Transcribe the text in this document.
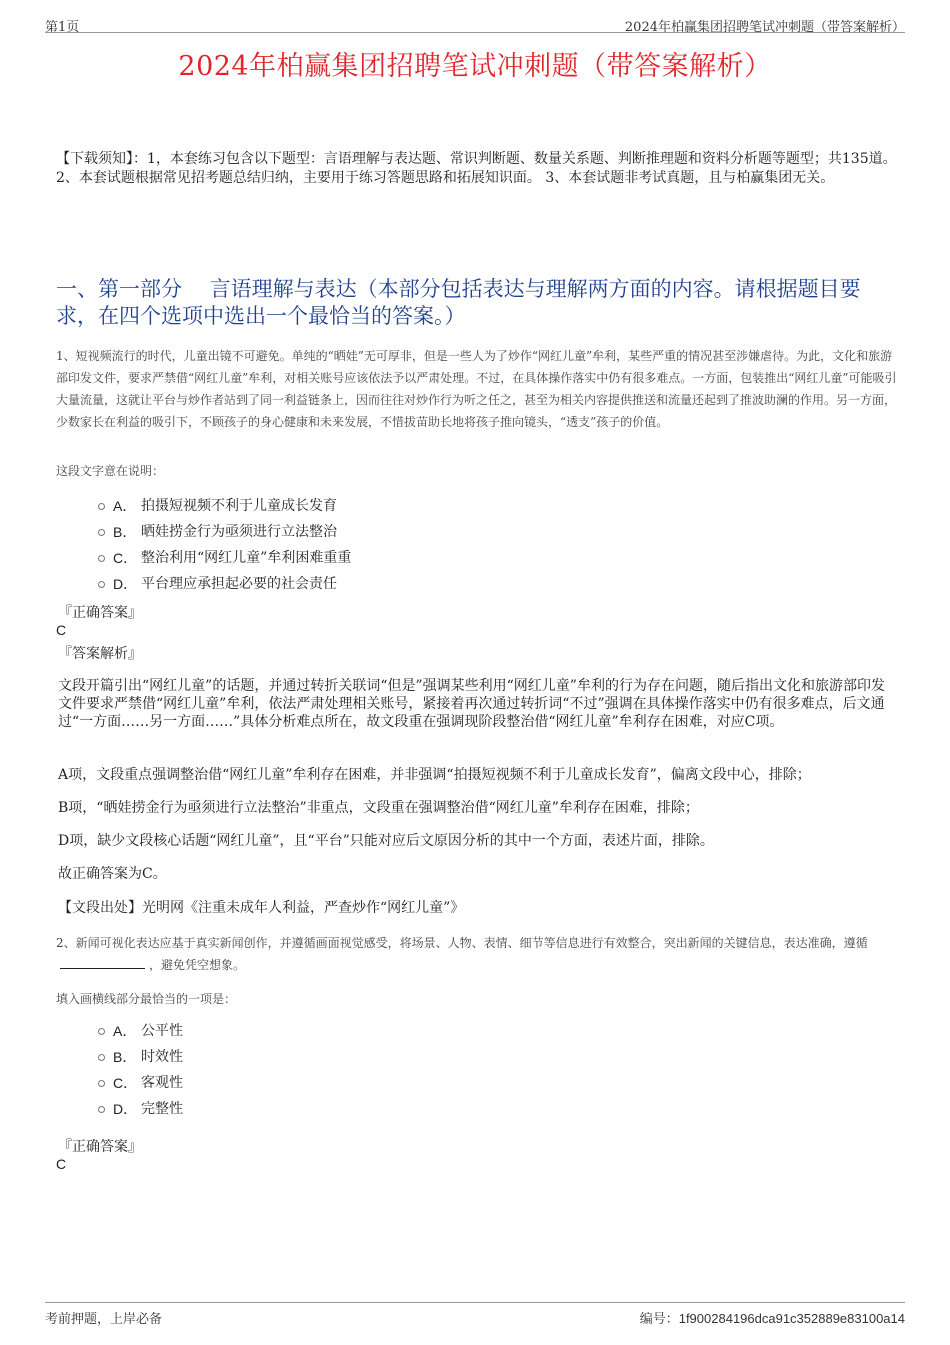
第1页	2024年柏赢集团招聘笔试冲刺题（带答案解析）
2024年柏赢集团招聘笔试冲刺题（带答案解析）
【下载须知】：1，本套练习包含以下题型：言语理解与表达题、常识判断题、数量关系题、判断推理题和资料分析题等题型；共135道。 2、本套试题根据常见招考题总结归纳，主要用于练习答题思路和拓展知识面。 3、本套试题非考试真题，且与柏赢集团无关。
一、第一部分　 言语理解与表达（本部分包括表达与理解两方面的内容。请根据题目要求，在四个选项中选出一个最恰当的答案。）
1、短视频流行的时代，儿童出镜不可避免。单纯的“晒娃”无可厚非，但是一些人为了炒作“网红儿童”牟利，某些严重的情况甚至涉嫌虐待。为此，文化和旅游部印发文件，要求严禁借“网红儿童”牟利，对相关账号应该依法予以严肃处理。不过，在具体操作落实中仍有很多难点。一方面，包装推出“网红儿童”可能吸引大量流量，这就让平台与炒作者站到了同一利益链条上，因而往往对炒作行为听之任之，甚至为相关内容提供推送和流量还起到了推波助澜的作用。另一方面，少数家长在利益的吸引下，不顾孩子的身心健康和未来发展，不惜拔苗助长地将孩子推向镜头，“透支”孩子的价值。
这段文字意在说明：
A． 拍摄短视频不利于儿童成长发育
B． 晒娃捞金行为亟须进行立法整治
C． 整治利用“网红儿童”牟利困难重重
D． 平台理应承担起必要的社会责任
『正确答案』
C
『答案解析』
文段开篇引出“网红儿童”的话题，并通过转折关联词“但是”强调某些利用“网红儿童”牟利的行为存在问题，随后指出文化和旅游部印发文件要求严禁借“网红儿童”牟利，依法严肃处理相关账号，紧接着再次通过转折词“不过”强调在具体操作落实中仍有很多难点，后文通过“一方面……另一方面……”具体分析难点所在，故文段重在强调现阶段整治借“网红儿童”牟利存在困难，对应C项。
A项，文段重点强调整治借“网红儿童”牟利存在困难，并非强调“拍摄短视频不利于儿童成长发育”，偏离文段中心，排除；
B项，“晒娃捞金行为亟须进行立法整治”非重点，文段重在强调整治借“网红儿童”牟利存在困难，排除；
D项，缺少文段核心话题“网红儿童”，且“平台”只能对应后文原因分析的其中一个方面，表述片面，排除。
故正确答案为C。
【文段出处】光明网《注重未成年人利益，严查炒作“网红儿童”》
2、新闻可视化表达应基于真实新闻创作，并遵循画面视觉感受，将场景、人物、表情、细节等信息进行有效整合，突出新闻的关键信息，表达准确，遵循，避免凭空想象。
填入画横线部分最恰当的一项是：
A． 公平性
B． 时效性
C． 客观性
D． 完整性
『正确答案』
C
考前押题，上岸必备	编号：1f900284196dca91c352889e83100a14
